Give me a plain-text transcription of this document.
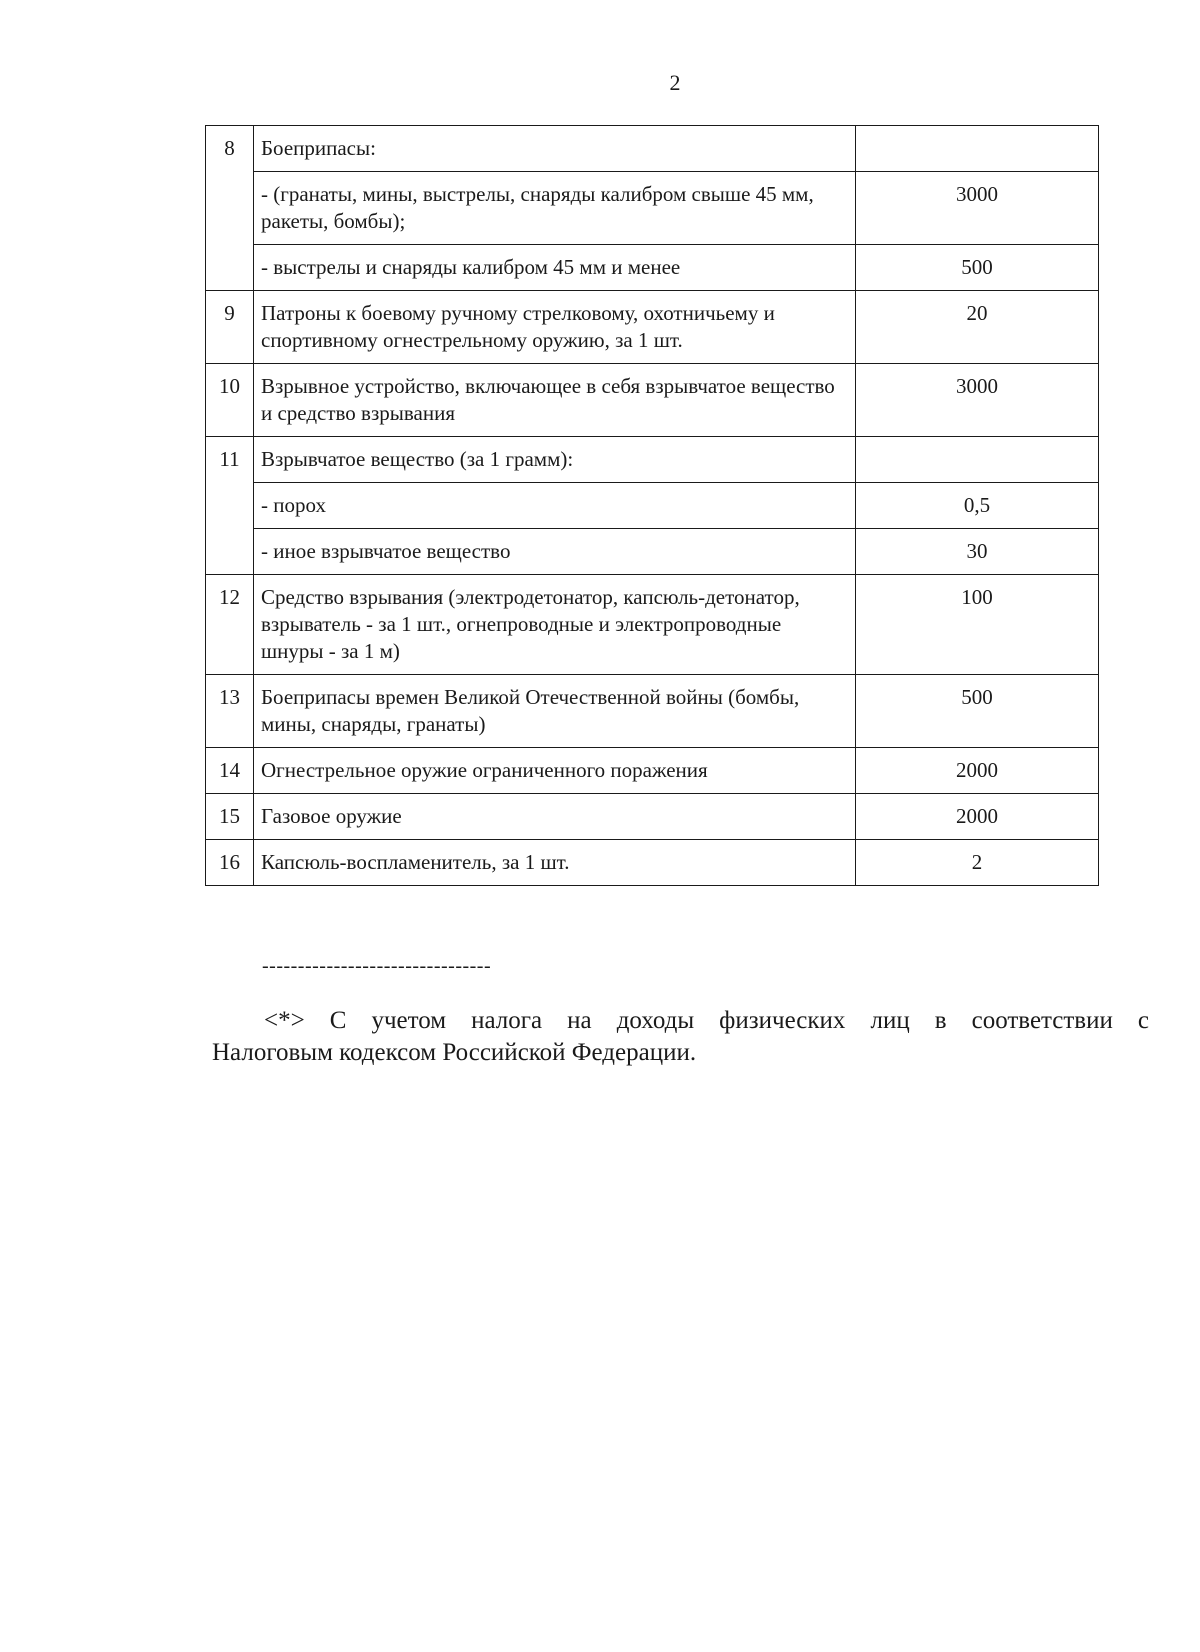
2
8	Боеприпасы:	
	- (гранаты, мины, выстрелы, снаряды калибром свыше 45 мм, ракеты, бомбы);	3000
	- выстрелы и снаряды калибром 45 мм и менее	500
9	Патроны к боевому ручному стрелковому, охотничьему и спортивному огнестрельному оружию, за 1 шт.	20
10	Взрывное устройство, включающее в себя взрывчатое вещество и средство взрывания	3000
11	Взрывчатое вещество (за 1 грамм):	
	- порох	0,5
	- иное взрывчатое вещество	30
12	Средство взрывания (электродетонатор, капсюль-детонатор, взрыватель - за 1 шт., огнепроводные и электропроводные шнуры - за 1 м)	100
13	Боеприпасы времен Великой Отечественной войны (бомбы, мины, снаряды, гранаты)	500
14	Огнестрельное оружие ограниченного поражения	2000
15	Газовое оружие	2000
16	Капсюль-воспламенитель, за 1 шт.	2
--------------------------------
<*> С учетом налога на доходы физических лиц в соответствии с
Налоговым кодексом Российской Федерации.
